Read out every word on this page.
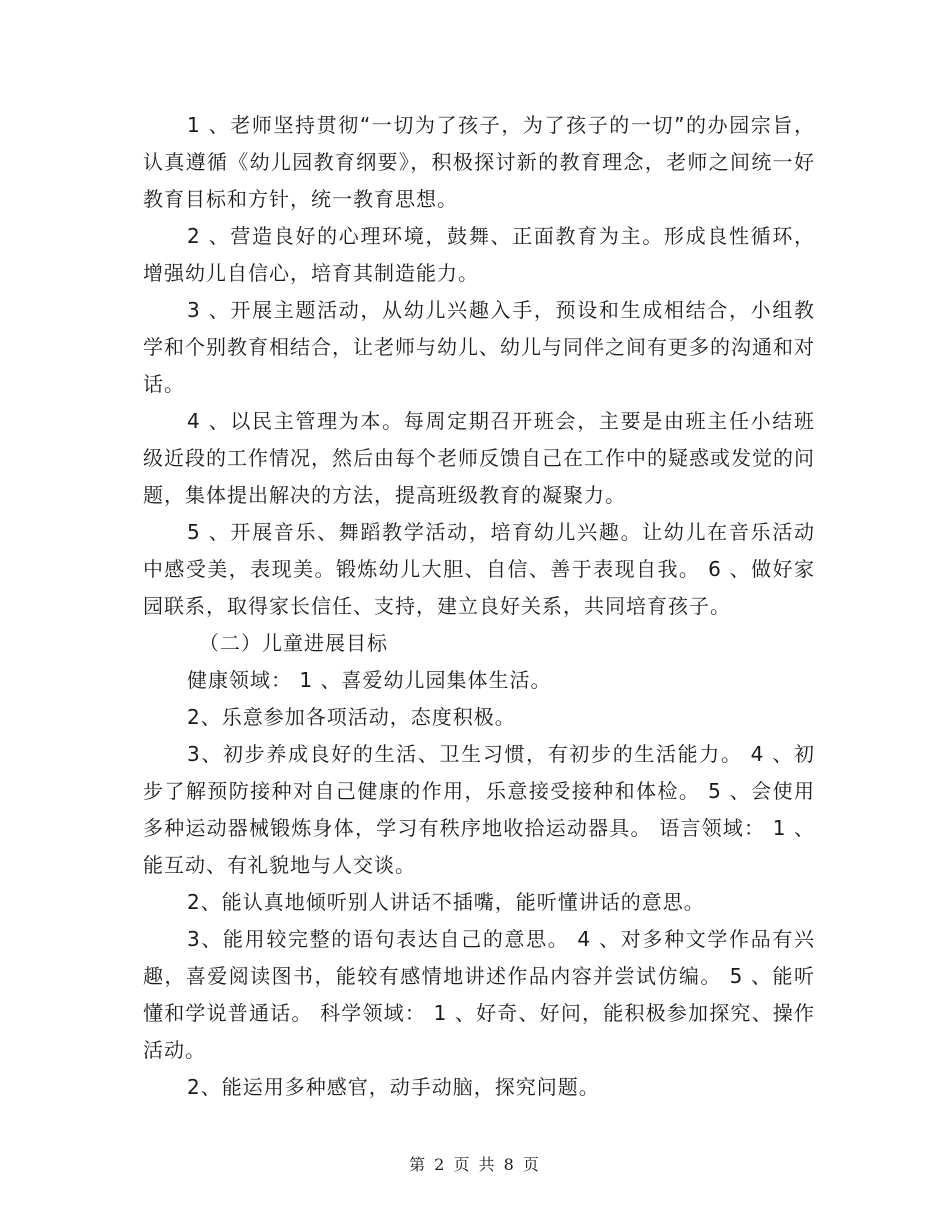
1 、老师坚持贯彻“一切为了孩子，为了孩子的一切”的办园宗旨，认真遵循《幼儿园教育纲要》，积极探讨新的教育理念，老师之间统一好教育目标和方针，统一教育思想。

2 、营造良好的心理环境，鼓舞、正面教育为主。形成良性循环，增强幼儿自信心，培育其制造能力。

3 、开展主题活动，从幼儿兴趣入手，预设和生成相结合，小组教学和个别教育相结合，让老师与幼儿、幼儿与同伴之间有更多的沟通和对话。

4 、以民主管理为本。每周定期召开班会，主要是由班主任小结班级近段的工作情况，然后由每个老师反馈自己在工作中的疑惑或发觉的问题，集体提出解决的方法，提高班级教育的凝聚力。

5 、开展音乐、舞蹈教学活动，培育幼儿兴趣。让幼儿在音乐活动中感受美，表现美。锻炼幼儿大胆、自信、善于表现自我。 6 、做好家园联系，取得家长信任、支持，建立良好关系，共同培育孩子。

（二）儿童进展目标

健康领域： 1 、喜爱幼儿园集体生活。

2、乐意参加各项活动，态度积极。

3、初步养成良好的生活、卫生习惯，有初步的生活能力。 4 、初步了解预防接种对自己健康的作用，乐意接受接种和体检。 5 、会使用多种运动器械锻炼身体，学习有秩序地收拾运动器具。 语言领域： 1 、能互动、有礼貌地与人交谈。

2、能认真地倾听别人讲话不插嘴，能听懂讲话的意思。

3、能用较完整的语句表达自己的意思。 4 、对多种文学作品有兴趣，喜爱阅读图书，能较有感情地讲述作品内容并尝试仿编。 5 、能听懂和学说普通话。 科学领域： 1 、好奇、好问，能积极参加探究、操作活动。

2、能运用多种感官，动手动脑，探究问题。

第 2 页 共 8 页
